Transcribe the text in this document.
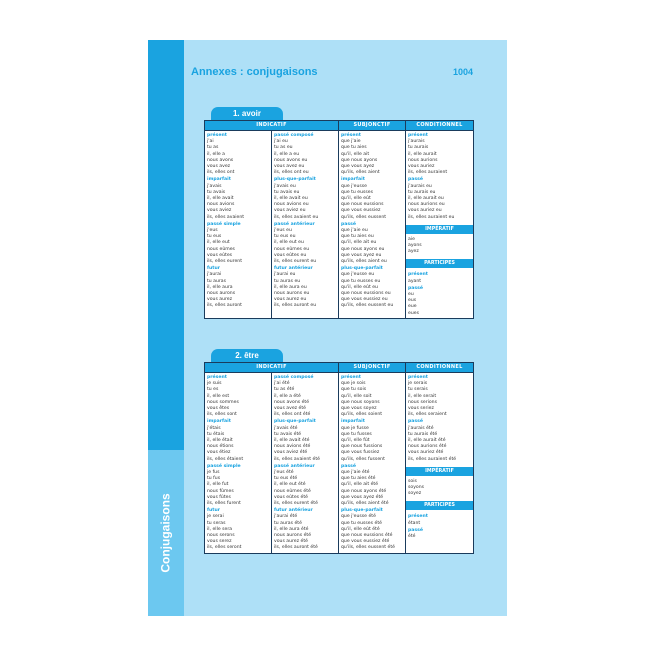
Conjugaisons
Annexes : conjugaisons	1004
1. avoir
INDICATIF	SUBJONCTIF	CONDITIONNEL
présent
j'ai
tu as
il, elle a
nous avons
vous avez
ils, elles ont
imparfait
j'avais
tu avais
il, elle avait
nous avions
vous aviez
ils, elles avaient
passé simple
j'eus
tu eus
il, elle eut
nous eûmes
vous eûtes
ils, elles eurent
futur
j'aurai
tu auras
il, elle aura
nous aurons
vous aurez
ils, elles auront
passé composé
j'ai eu
tu as eu
il, elle a eu
nous avons eu
vous avez eu
ils, elles ont eu
plus-que-parfait
j'avais eu
tu avais eu
il, elle avait eu
nous avions eu
vous aviez eu
ils, elles avaient eu
passé antérieur
j'eus eu
tu eus eu
il, elle eut eu
nous eûmes eu
vous eûtes eu
ils, elles eurent eu
futur antérieur
j'aurai eu
tu auras eu
il, elle aura eu
nous aurons eu
vous aurez eu
ils, elles auront eu
présent
que j'aie
que tu aies
qu'il, elle ait
que nous ayons
que vous ayez
qu'ils, elles aient
imparfait
que j'eusse
que tu eusses
qu'il, elle eût
que nous eussions
que vous eussiez
qu'ils, elles eussent
passé
que j'aie eu
que tu aies eu
qu'il, elle ait eu
que nous ayons eu
que vous ayez eu
qu'ils, elles aient eu
plus-que-parfait
que j'eusse eu
que tu eusses eu
qu'il, elle eût eu
que nous eussions eu
que vous eussiez eu
qu'ils, elles eussent eu
présent
j'aurais
tu aurais
il, elle aurait
nous aurions
vous auriez
ils, elles auraient
passé
j'aurais eu
tu aurais eu
il, elle aurait eu
nous aurions eu
vous auriez eu
ils, elles auraient eu
IMPÉRATIF
aie
ayons
ayez
PARTICIPES
présent
ayant
passé
eu
eus
eue
eues
2. être
INDICATIF	SUBJONCTIF	CONDITIONNEL
présent
je suis
tu es
il, elle est
nous sommes
vous êtes
ils, elles sont
imparfait
j'étais
tu étais
il, elle était
nous étions
vous étiez
ils, elles étaient
passé simple
je fus
tu fus
il, elle fut
nous fûmes
vous fûtes
ils, elles furent
futur
je serai
tu seras
il, elle sera
nous serons
vous serez
ils, elles seront
passé composé
j'ai été
tu as été
il, elle a été
nous avons été
vous avez été
ils, elles ont été
plus-que-parfait
j'avais été
tu avais été
il, elle avait été
nous avions été
vous aviez été
ils, elles avaient été
passé antérieur
j'eus été
tu eus été
il, elle eut été
nous eûmes été
vous eûtes été
ils, elles eurent été
futur antérieur
j'aurai été
tu auras été
il, elle aura été
nous aurons été
vous aurez été
ils, elles auront été
présent
que je sois
que tu sois
qu'il, elle soit
que nous soyons
que vous soyez
qu'ils, elles soient
imparfait
que je fusse
que tu fusses
qu'il, elle fût
que nous fussions
que vous fussiez
qu'ils, elles fussent
passé
que j'aie été
que tu aies été
qu'il, elle ait été
que nous ayons été
que vous ayez été
qu'ils, elles aient été
plus-que-parfait
que j'eusse été
que tu eusses été
qu'il, elle eût été
que nous eussions été
que vous eussiez été
qu'ils, elles eussent été
présent
je serais
tu serais
il, elle serait
nous serions
vous seriez
ils, elles seraient
passé
j'aurais été
tu aurais été
il, elle aurait été
nous aurions été
vous auriez été
ils, elles auraient été
IMPÉRATIF
sois
soyons
soyez
PARTICIPES
présent
étant
passé
été
